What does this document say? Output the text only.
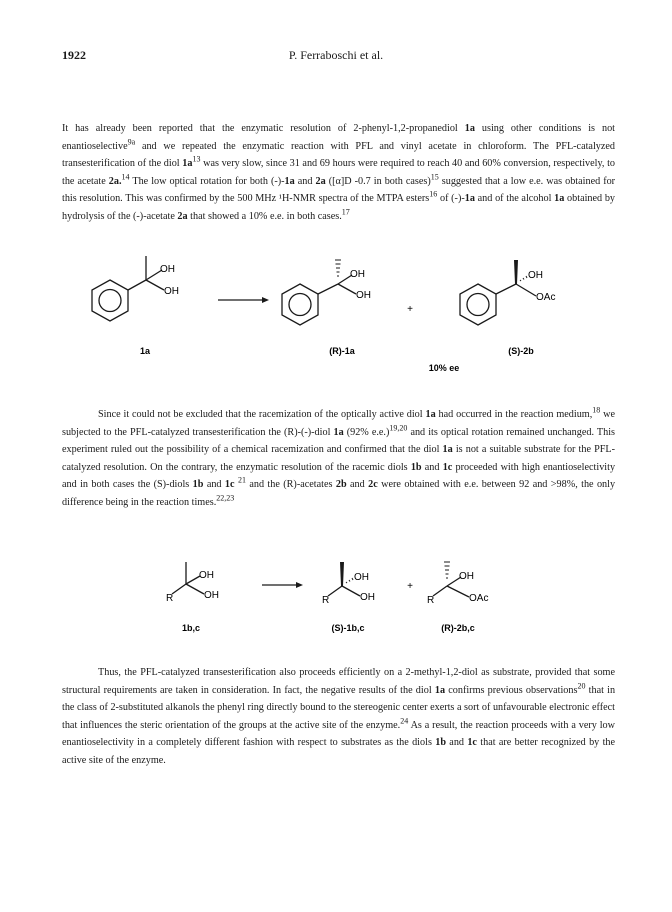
1922	P. Ferraboschi et al.

It has already been reported that the enzymatic resolution of 2-phenyl-1,2-propanediol 1a using other conditions is not enantioselective$^{9a}$ and we repeated the enzymatic reaction with PFL and vinyl acetate in chloroform. The PFL-catalyzed transesterification of the diol $1a^{13}$ was very slow, since 31 and 69 hours were required to reach 40 and 60% conversion, respectively, to the acetate 2a.$^{14}$ The low optical rotation for both (-)-1a and 2a ([α]D -0.7 in both cases)$^{15}$ suggested that a low e.e. was obtained for this resolution. This was confirmed by the 500 MHz ¹H-NMR spectra of the MTPA esters$^{16}$ of (-)-1a and of the alcohol 1a obtained by hydrolysis of the (-)-acetate 2a that showed a 10% e.e. in both cases.$^{17}$

OH
OH
1a
OH
OH
(R)-1a
+
OH
OAc
(S)-2b
10% ee

Since it could not be excluded that the racemization of the optically active diol 1a had occurred in the reaction medium,$^{18}$ we subjected to the PFL-catalyzed transesterification the (R)-(-)-diol 1a (92% e.e.)$^{19,20}$ and its optical rotation remained unchanged. This experiment ruled out the possibility of a chemical racemization and confirmed that the diol 1a is not a suitable substrate for the PFL-catalyzed resolution. On the contrary, the enzymatic resolution of the racemic diols 1b and 1c proceeded with high enantioselectivity and in both cases the (S)-diols 1b and 1c $^{21}$ and the (R)-acetates 2b and 2c were obtained with e.e. between 92 and >98%, the only difference being in the reaction times.$^{22,23}$

R
OH
OH
1b,c
R
OH
OH
(S)-1b,c
+
R
OH
OAc
(R)-2b,c

Thus, the PFL-catalyzed transesterification also proceeds efficiently on a 2-methyl-1,2-diol as substrate, provided that some structural requirements are taken in consideration. In fact, the negative results of the diol 1a confirms previous observations$^{20}$ that in the class of 2-substituted alkanols the phenyl ring directly bound to the stereogenic center exerts a sort of unfavourable electronic effect that influences the steric orientation of the groups at the active site of the enzyme.$^{24}$ As a result, the reaction proceeds with a very low enantioselectivity in a completely different fashion with respect to substrates as the diols 1b and 1c that are better recognized by the active site of the enzyme.
